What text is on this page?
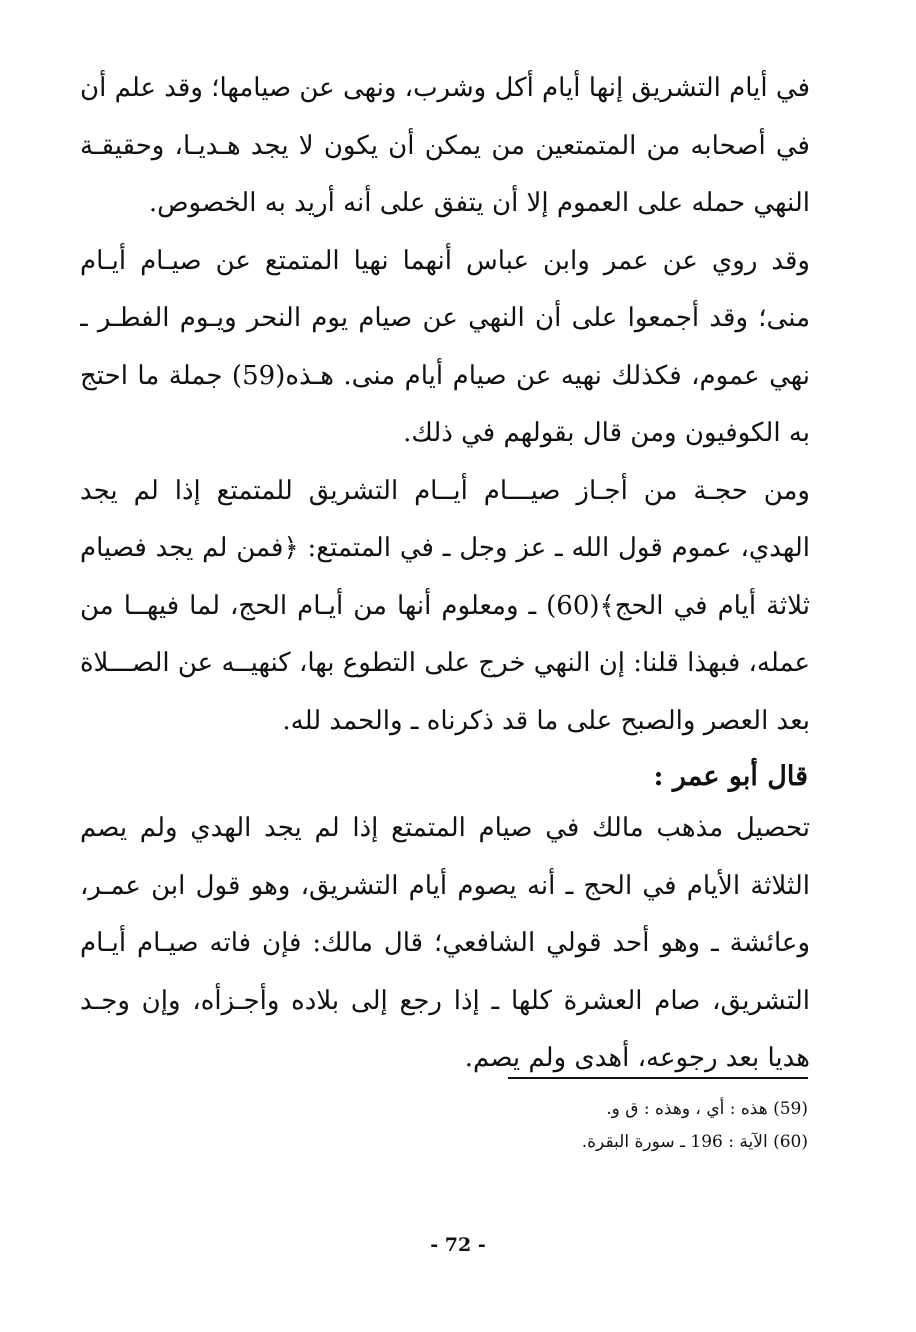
في أيام التشريق إنها أيام أكل وشرب، ونهى عن صيامها؛ وقد علم أن
في أصحابه من المتمتعين من يمكن أن يكون لا يجد هـديـا، وحقيقـة
النهي حمله على العموم إلا أن يتفق على أنه أريد به الخصوص.
وقد روي عن عمر وابن عباس أنهما نهيا المتمتع عن صيـام أيـام
منى؛ وقد أجمعوا على أن النهي عن صيام يوم النحر ويـوم الفطـر ـ
نهي عموم، فكذلك نهيه عن صيام أيام منى. هـذه(59) جملة ما احتج
به الكوفيون ومن قال بقولهم في ذلك.
ومن حجـة من أجـاز صيـــام أيــام التشريق للمتمتع إذا لم يجد
الهدي، عموم قول الله ـ عز وجل ـ في المتمتع: ﴿فمن لم يجد فصيام
ثلاثة أيام في الحج﴾(60) ـ ومعلوم أنها من أيـام الحج، لما فيهــا من
عمله، فبهذا قلنا: إن النهي خرج على التطوع بها، كنهيــه عن الصـــلاة
بعد العصر والصبح على ما قد ذكرناه ـ والحمد لله.
قال أبو عمر :
تحصيل مذهب مالك في صيام المتمتع إذا لم يجد الهدي ولم يصم
الثلاثة الأيام في الحج ـ أنه يصوم أيام التشريق، وهو قول ابن عمـر،
وعائشة ـ وهو أحد قولي الشافعي؛ قال مالك: فإن فاته صيـام أيـام
التشريق، صام العشرة كلها ـ إذا رجع إلى بلاده وأجـزأه، وإن وجـد
هديا بعد رجوعه، أهدى ولم يصم.
(59) هذه : أي ، وهذه : ق و.
(60) الآية : 196 ـ سورة البقرة.
- 72 -
